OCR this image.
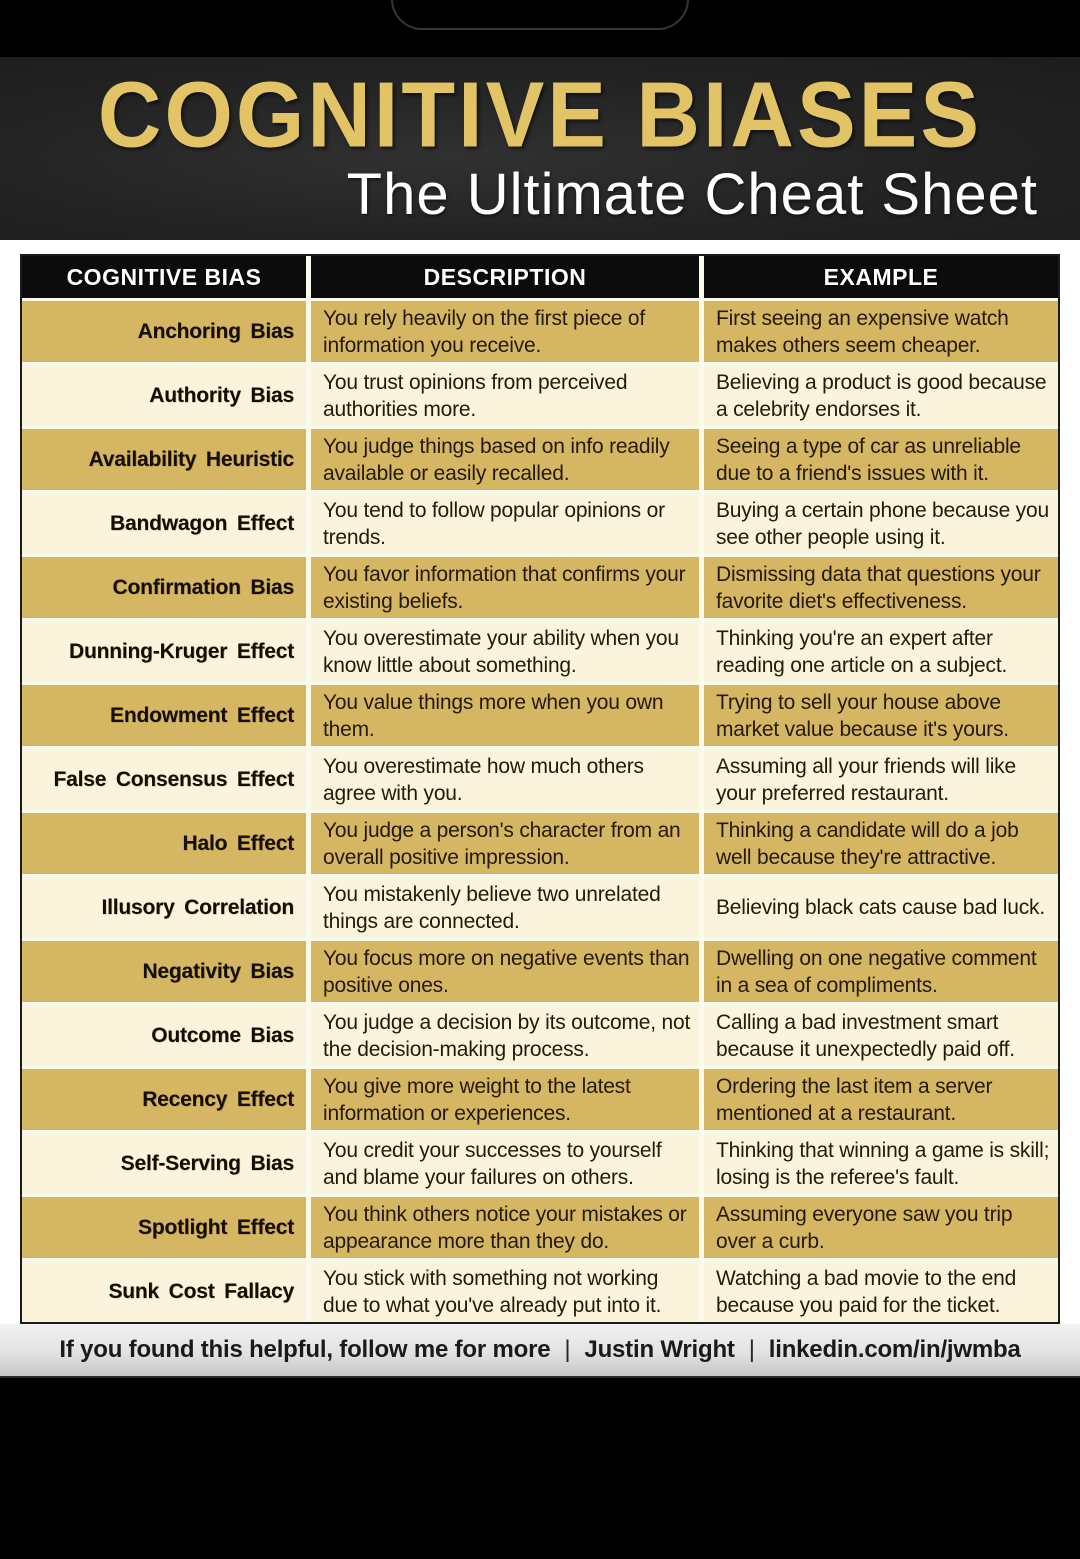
COGNITIVE BIASES
The Ultimate Cheat Sheet
COGNITIVE BIAS	DESCRIPTION	EXAMPLE
Anchoring Bias
You rely heavily on the first piece of information you receive.
First seeing an expensive watch makes others seem cheaper.
Authority Bias
You trust opinions from perceived authorities more.
Believing a product is good because a celebrity endorses it.
Availability Heuristic
You judge things based on info readily available or easily recalled.
Seeing a type of car as unreliable due to a friend's issues with it.
Bandwagon Effect
You tend to follow popular opinions or trends.
Buying a certain phone because you see other people using it.
Confirmation Bias
You favor information that confirms your existing beliefs.
Dismissing data that questions your favorite diet's effectiveness.
Dunning-Kruger Effect
You overestimate your ability when you know little about something.
Thinking you're an expert after reading one article on a subject.
Endowment Effect
You value things more when you own them.
Trying to sell your house above market value because it's yours.
False Consensus Effect
You overestimate how much others agree with you.
Assuming all your friends will like your preferred restaurant.
Halo Effect
You judge a person's character from an overall positive impression.
Thinking a candidate will do a job well because they're attractive.
Illusory Correlation
You mistakenly believe two unrelated things are connected.
Believing black cats cause bad luck.
Negativity Bias
You focus more on negative events than positive ones.
Dwelling on one negative comment in a sea of compliments.
Outcome Bias
You judge a decision by its outcome, not the decision-making process.
Calling a bad investment smart because it unexpectedly paid off.
Recency Effect
You give more weight to the latest information or experiences.
Ordering the last item a server mentioned at a restaurant.
Self-Serving Bias
You credit your successes to yourself and blame your failures on others.
Thinking that winning a game is skill; losing is the referee's fault.
Spotlight Effect
You think others notice your mistakes or appearance more than they do.
Assuming everyone saw you trip over a curb.
Sunk Cost Fallacy
You stick with something not working due to what you've already put into it.
Watching a bad movie to the end because you paid for the ticket.
If you found this helpful, follow me for more | Justin Wright | linkedin.com/in/jwmba
